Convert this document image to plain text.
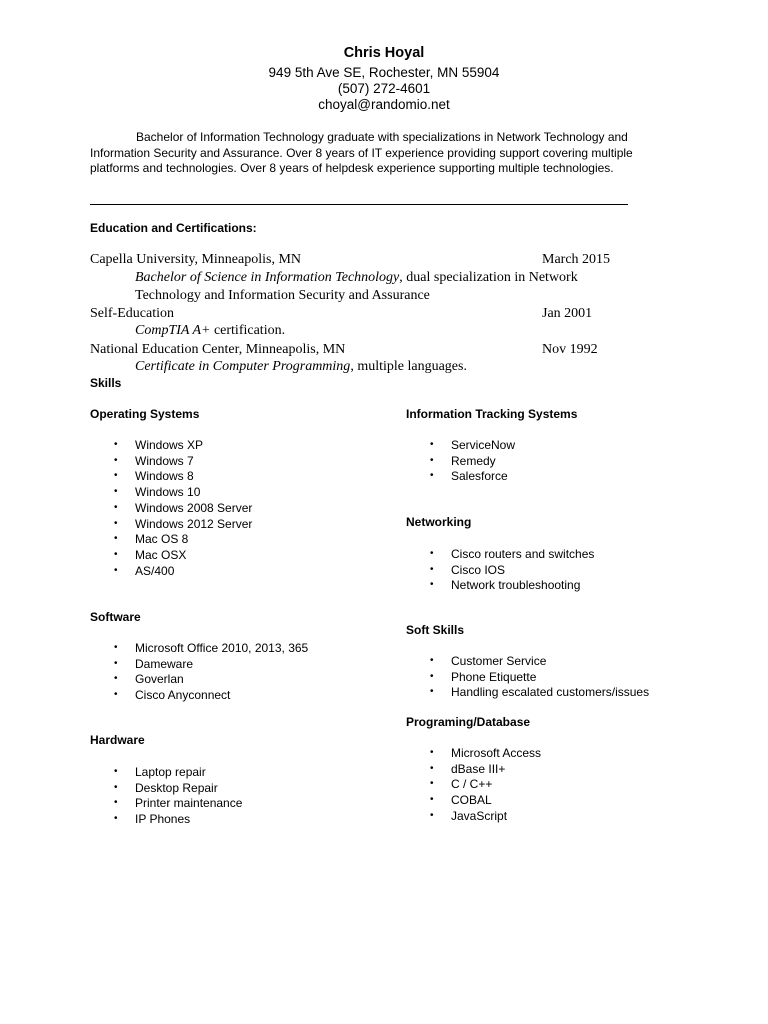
Chris Hoyal
949 5th Ave SE, Rochester, MN 55904
(507) 272-4601
choyal@randomio.net
Bachelor of Information Technology graduate with specializations in Network Technology and
Information Security and Assurance. Over 8 years of IT experience providing support covering multiple
platforms and technologies. Over 8 years of helpdesk experience supporting multiple technologies.
Education and Certifications:
Capella University, Minneapolis, MN	March 2015
Bachelor of Science in Information Technology, dual specialization in Network
Technology and Information Security and Assurance
Self-Education	Jan 2001
CompTIA A+ certification.
National Education Center, Minneapolis, MN	Nov 1992
Certificate in Computer Programming, multiple languages.
Skills
Operating Systems
• Windows XP
• Windows 7
• Windows 8
• Windows 10
• Windows 2008 Server
• Windows 2012 Server
• Mac OS 8
• Mac OSX
• AS/400
Software
• Microsoft Office 2010, 2013, 365
• Dameware
• Goverlan
• Cisco Anyconnect
Hardware
• Laptop repair
• Desktop Repair
• Printer maintenance
• IP Phones
Information Tracking Systems
• ServiceNow
• Remedy
• Salesforce
Networking
• Cisco routers and switches
• Cisco IOS
• Network troubleshooting
Soft Skills
• Customer Service
• Phone Etiquette
• Handling escalated customers/issues
Programing/Database
• Microsoft Access
• dBase III+
• C / C++
• COBAL
• JavaScript
